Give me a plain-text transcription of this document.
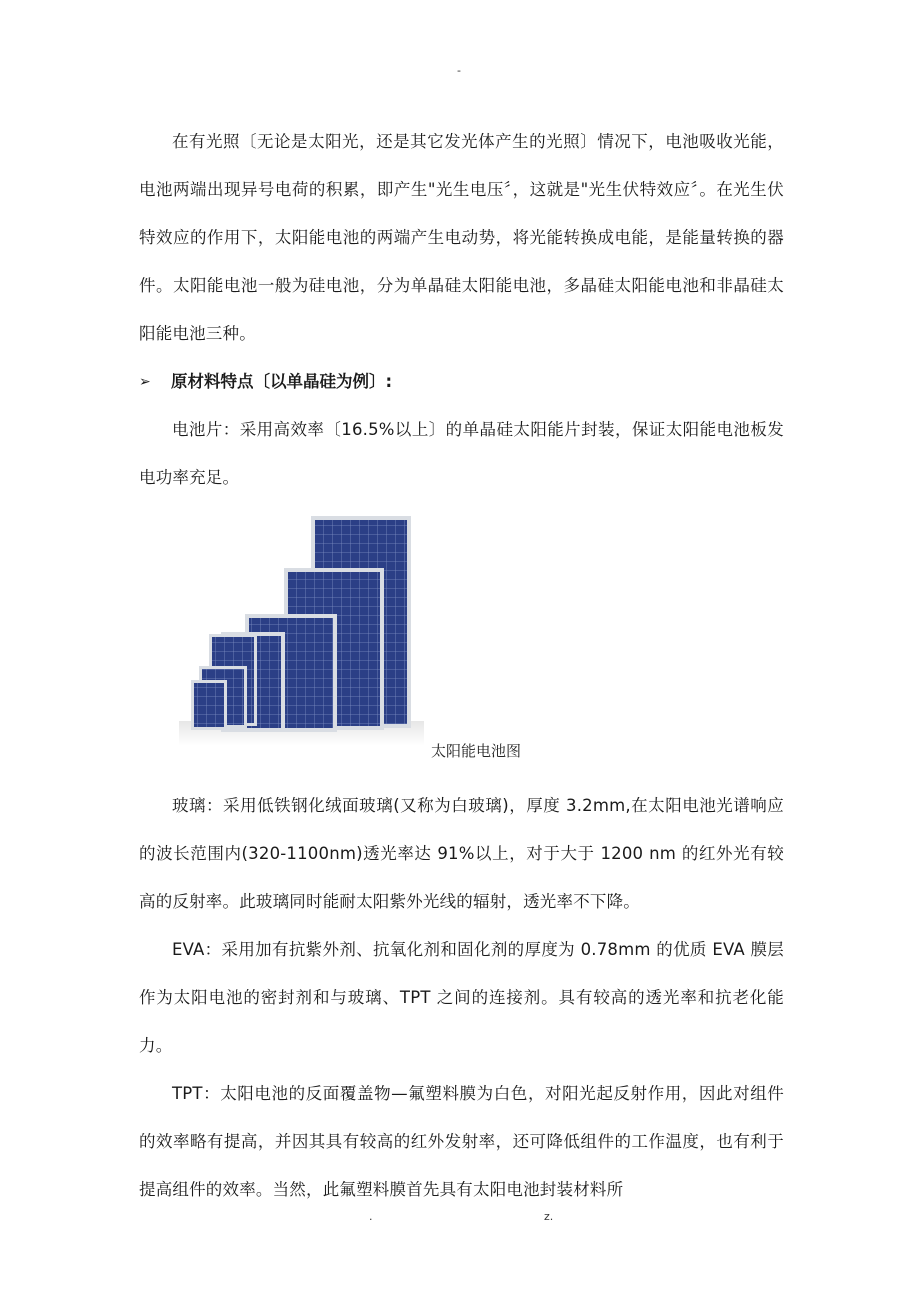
-

在有光照〔无论是太阳光，还是其它发光体产生的光照〕情况下，电池吸收光能，电池两端出现异号电荷的积累，即产生"光生电压〞，这就是"光生伏特效应〞。在光生伏特效应的作用下，太阳能电池的两端产生电动势，将光能转换成电能，是能量转换的器件。太阳能电池一般为硅电池，分为单晶硅太阳能电池，多晶硅太阳能电池和非晶硅太阳能电池三种。

➢	原材料特点〔以单晶硅为例〕:

电池片：采用高效率〔16.5%以上〕的单晶硅太阳能片封装，保证太阳能电池板发电功率充足。

太阳能电池图

玻璃：采用低铁钢化绒面玻璃(又称为白玻璃)，厚度 3.2mm,在太阳电池光谱响应的波长范围内(320-1100nm)透光率达 91%以上，对于大于 1200 nm 的红外光有较高的反射率。此玻璃同时能耐太阳紫外光线的辐射，透光率不下降。

EVA：采用加有抗紫外剂、抗氧化剂和固化剂的厚度为 0.78mm 的优质 EVA 膜层作为太阳电池的密封剂和与玻璃、TPT 之间的连接剂。具有较高的透光率和抗老化能力。

TPT：太阳电池的反面覆盖物—氟塑料膜为白色，对阳光起反射作用，因此对组件的效率略有提高，并因其具有较高的红外发射率，还可降低组件的工作温度，也有利于提高组件的效率。当然，此氟塑料膜首先具有太阳电池封装材料所

.	z.
